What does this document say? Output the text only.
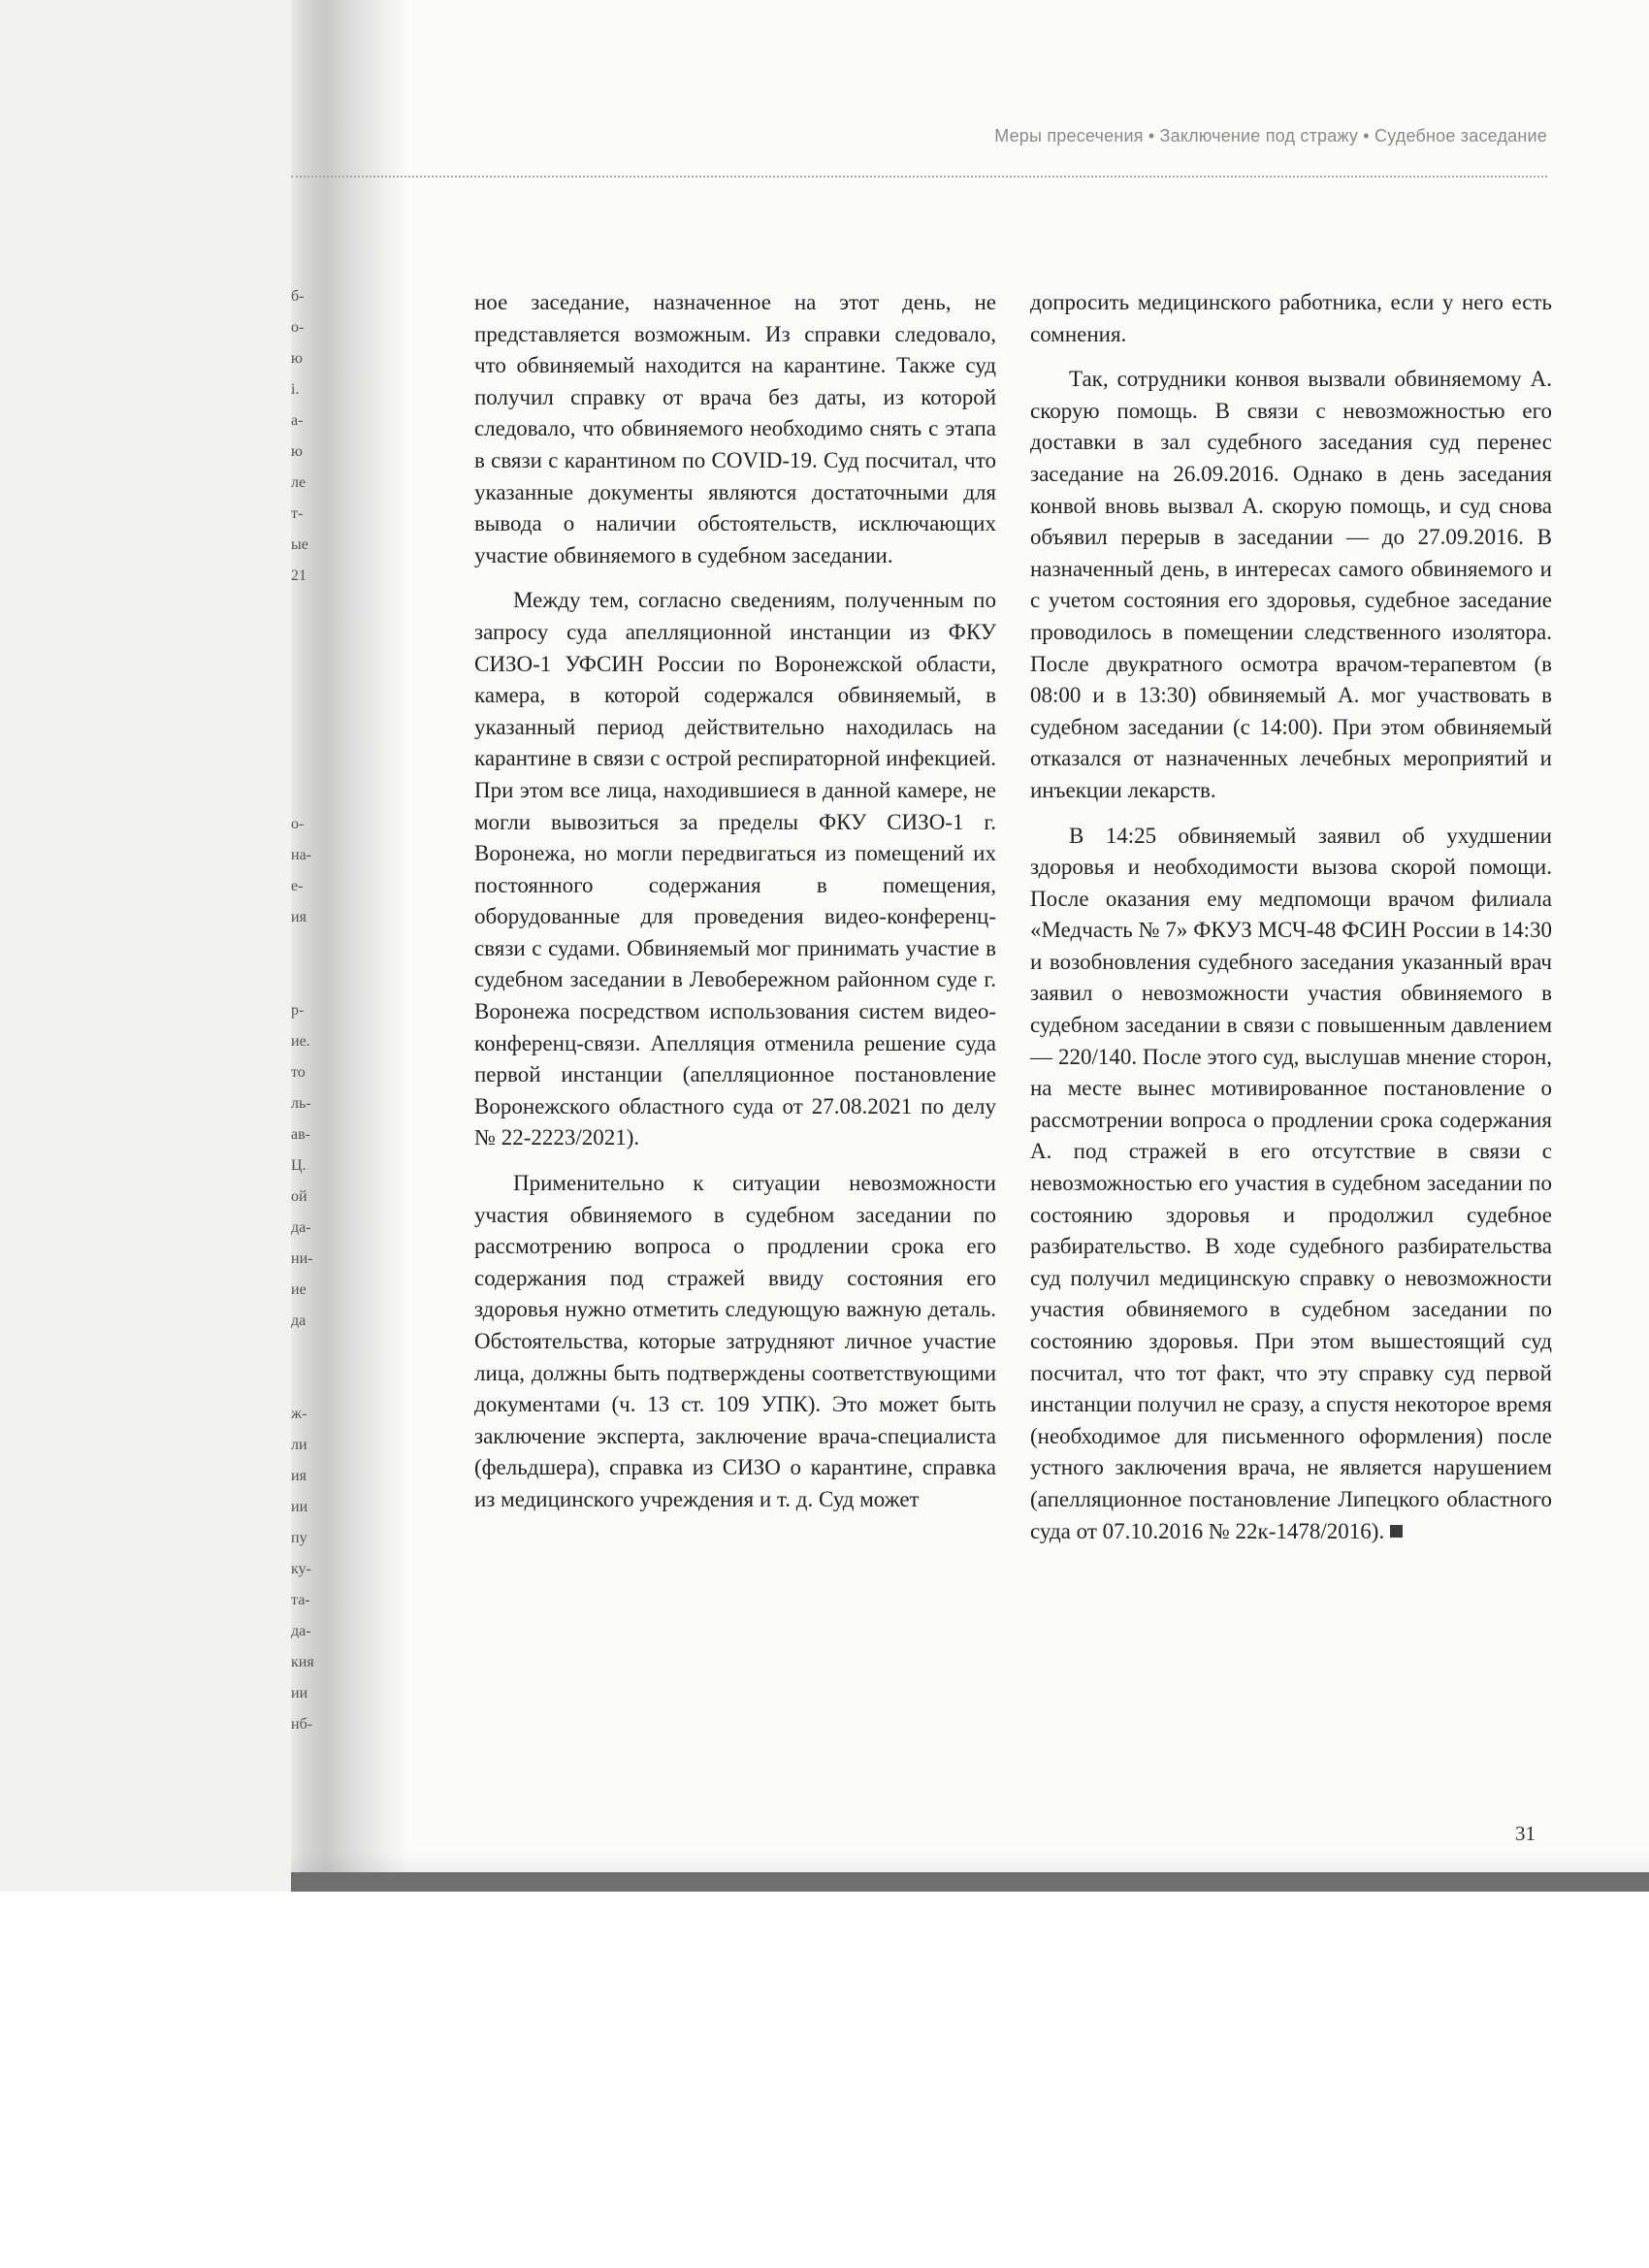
б-
о-
ю
і.
а-
ю
ле
т-
ые
21
о-
на-
е-
ия
р-
ие.
то
ль-
ав-
Ц.
ой
да-
ни-
ие
да
ж-
ли
ия
ии
пу
ку-
та-
да-
кия
ии
нб-
Меры пресечения • Заключение под стражу • Судебное заседание

ное заседание, назначенное на этот день, не представляется возможным. Из справки следовало, что обвиняемый находится на карантине. Также суд получил справку от врача без даты, из которой следовало, что обвиняемого необходимо снять с этапа в связи с карантином по COVID-19. Суд посчитал, что указанные документы являются достаточными для вывода о наличии обстоятельств, исключающих участие обвиняемого в судебном заседании.

Между тем, согласно сведениям, полученным по запросу суда апелляционной инстанции из ФКУ СИЗО-1 УФСИН России по Воронежской области, камера, в которой содержался обвиняемый, в указанный период действительно находилась на карантине в связи с острой респираторной инфекцией. При этом все лица, находившиеся в данной камере, не могли вывозиться за пределы ФКУ СИЗО-1 г. Воронежа, но могли передвигаться из помещений их постоянного содержания в помещения, оборудованные для проведения видео-конференц-связи с судами. Обвиняемый мог принимать участие в судебном заседании в Левобережном районном суде г. Воронежа посредством использования систем видео-конференц-связи. Апелляция отменила решение суда первой инстанции (апелляционное постановление Воронежского областного суда от 27.08.2021 по делу № 22-2223/2021).

Применительно к ситуации невозможности участия обвиняемого в судебном заседании по рассмотрению вопроса о продлении срока его содержания под стражей ввиду состояния его здоровья нужно отметить следующую важную деталь. Обстоятельства, которые затрудняют личное участие лица, должны быть подтверждены соответствующими документами (ч. 13 ст. 109 УПК). Это может быть заключение эксперта, заключение врача-специалиста (фельдшера), справка из СИЗО о карантине, справка из медицинского учреждения и т. д. Суд может

допросить медицинского работника, если у него есть сомнения.

Так, сотрудники конвоя вызвали обвиняемому А. скорую помощь. В связи с невозможностью его доставки в зал судебного заседания суд перенес заседание на 26.09.2016. Однако в день заседания конвой вновь вызвал А. скорую помощь, и суд снова объявил перерыв в заседании — до 27.09.2016. В назначенный день, в интересах самого обвиняемого и с учетом состояния его здоровья, судебное заседание проводилось в помещении следственного изолятора. После двукратного осмотра врачом-терапевтом (в 08:00 и в 13:30) обвиняемый А. мог участвовать в судебном заседании (с 14:00). При этом обвиняемый отказался от назначенных лечебных мероприятий и инъекции лекарств.

В 14:25 обвиняемый заявил об ухудшении здоровья и необходимости вызова скорой помощи. После оказания ему медпомощи врачом филиала «Медчасть № 7» ФКУЗ МСЧ-48 ФСИН России в 14:30 и возобновления судебного заседания указанный врач заявил о невозможности участия обвиняемого в судебном заседании в связи с повышенным давлением — 220/140. После этого суд, выслушав мнение сторон, на месте вынес мотивированное постановление о рассмотрении вопроса о продлении срока содержания А. под стражей в его отсутствие в связи с невозможностью его участия в судебном заседании по состоянию здоровья и продолжил судебное разбирательство. В ходе судебного разбирательства суд получил медицинскую справку о невозможности участия обвиняемого в судебном заседании по состоянию здоровья. При этом вышестоящий суд посчитал, что тот факт, что эту справку суд первой инстанции получил не сразу, а спустя некоторое время (необходимое для письменного оформления) после устного заключения врача, не является нарушением (апелляционное постановление Липецкого областного суда от 07.10.2016 № 22к-1478/2016).

31
